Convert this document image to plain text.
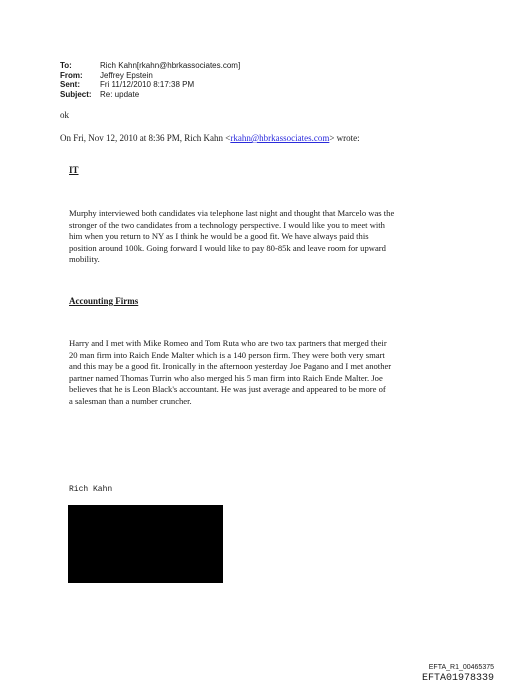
To:	Rich Kahn[rkahn@hbrkassociates.com]
From:	Jeffrey Epstein
Sent:	Fri 11/12/2010 8:17:38 PM
Subject:	Re: update
ok
On Fri, Nov 12, 2010 at 8:36 PM, Rich Kahn <rkahn@hbrkassociates.com> wrote:
IT

Murphy interviewed both candidates via telephone last night and thought that Marcelo was the
stronger of the two candidates from a technology perspective. I would like you to meet with
him when you return to NY as I think he would be a good fit. We have always paid this
position around 100k. Going forward I would like to pay 80-85k and leave room for upward
mobility.

Accounting Firms

Harry and I met with Mike Romeo and Tom Ruta who are two tax partners that merged their
20 man firm into Raich Ende Malter which is a 140 person firm. They were both very smart
and this may be a good fit. Ironically in the afternoon yesterday Joe Pagano and I met another
partner named Thomas Turrin who also merged his 5 man firm into Raich Ende Malter. Joe
believes that he is Leon Black's accountant. He was just average and appeared to be more of
a salesman than a number cruncher.

Rich Kahn
EFTA_R1_00465375
EFTA01978339
